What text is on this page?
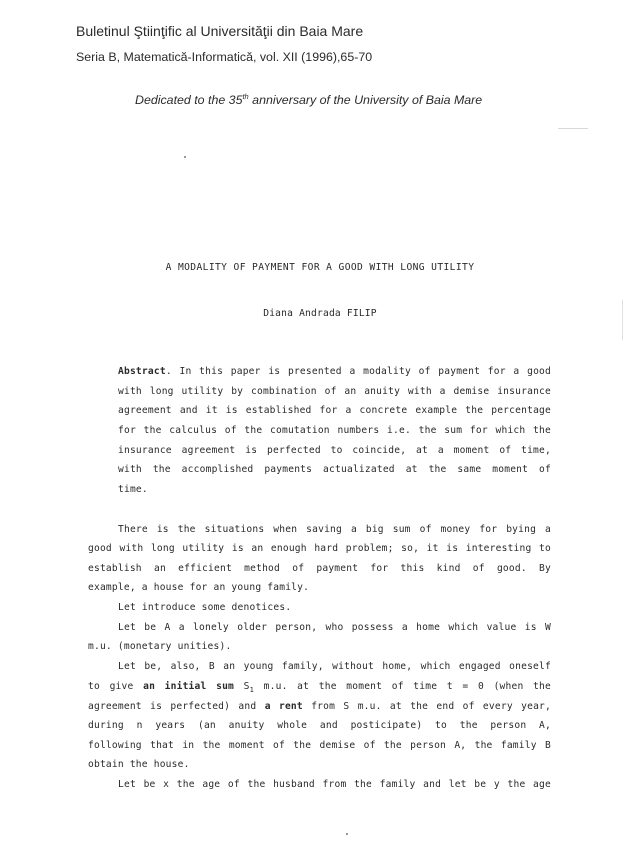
Buletinul Ştiinţific al Universităţii din Baia Mare
Seria B, Matematică-Informatică, vol. XII (1996),65-70
Dedicated to the 35th anniversary of the University of Baia Mare
A MODALITY OF PAYMENT FOR A GOOD WITH LONG UTILITY
Diana Andrada FILIP
Abstract. In this paper is presented a modality of payment for a good
with long utility by combination of an anuity with a demise insurance
agreement and it is established for a concrete example the percentage
for the calculus of the comutation numbers i.e. the sum for which the
insurance agreement is perfected to coincide, at a moment of time,
with the accomplished payments actualizated at the same moment of
time.
There is the situations when saving a big sum of money for bying a
good with long utility is an enough hard problem; so, it is interesting to
establish an efficient method of payment for this kind of good. By
example, a house for an young family.
Let introduce some denotices.
Let be A a lonely older person, who possess a home which value is W
m.u. (monetary unities).
Let be, also, B an young family, without home, which engaged oneself
to give an initial sum $S_1$ m.u. at the moment of time t = 0 (when the
agreement is perfected) and a rent from S m.u. at the end of every year,
during n years (an anuity whole and posticipate) to the person A,
following that in the moment of the demise of the person A, the family B
obtain the house.
Let be x the age of the husband from the family and let be y the age
